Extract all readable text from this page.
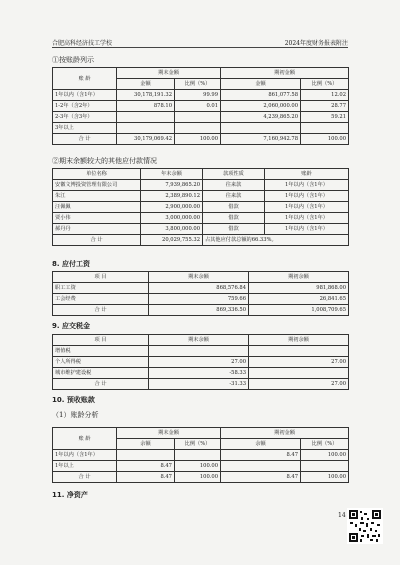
合肥高科经济技工学校	2024年度财务报表附注
①按账龄列示
账 龄	期末金额		期初金额	
	金额	比例（%）	金额	比例（%）
1年以内（含1年）	30,178,191.32	99.99	861,077.58	12.02
1-2年（含2年）	878.10	0.01	2,060,000.00	28.77
2-3年（含3年）			4,239,865.20	59.21
3年以上				
合 计	30,179,069.42	100.00	7,160,942.78	100.00
②期末余额较大的其他应付款情况
单位名称	年末余额	款项性质	账龄
安徽文博投资管理有限公司	7,939,865.20	往来款	1年以内（含1年）
朱江	2,389,890.12	往来款	1年以内（含1年）
汪佩佩	2,900,000.00	借款	1年以内（含1年）
贾小伟	3,000,000.00	借款	1年以内（含1年）
郝丹丹	3,800,000.00	借款	1年以内（含1年）
合 计	20,029,755.32	占其他应付款总额的66.33%。	
8. 应付工资
项 目	期末余额	期初余额
职工工资	868,576.84	981,868.00
工会经费	759.66	26,841.65
合 计	869,336.50	1,008,709.65
9. 应交税金
项 目	期末余额	期初余额
增值税		
个人所得税	27.00	27.00
城市维护建设税	-58.33	
合 计	-31.33	27.00
10. 预收账款
（1）账龄分析
账 龄	期末金额		期初金额	
	余额	比例（%）	余额	比例（%）
1年以内（含1年）			8.47	100.00
1年以上	8.47	100.00		
合 计	8.47	100.00	8.47	100.00
11. 净资产
14
